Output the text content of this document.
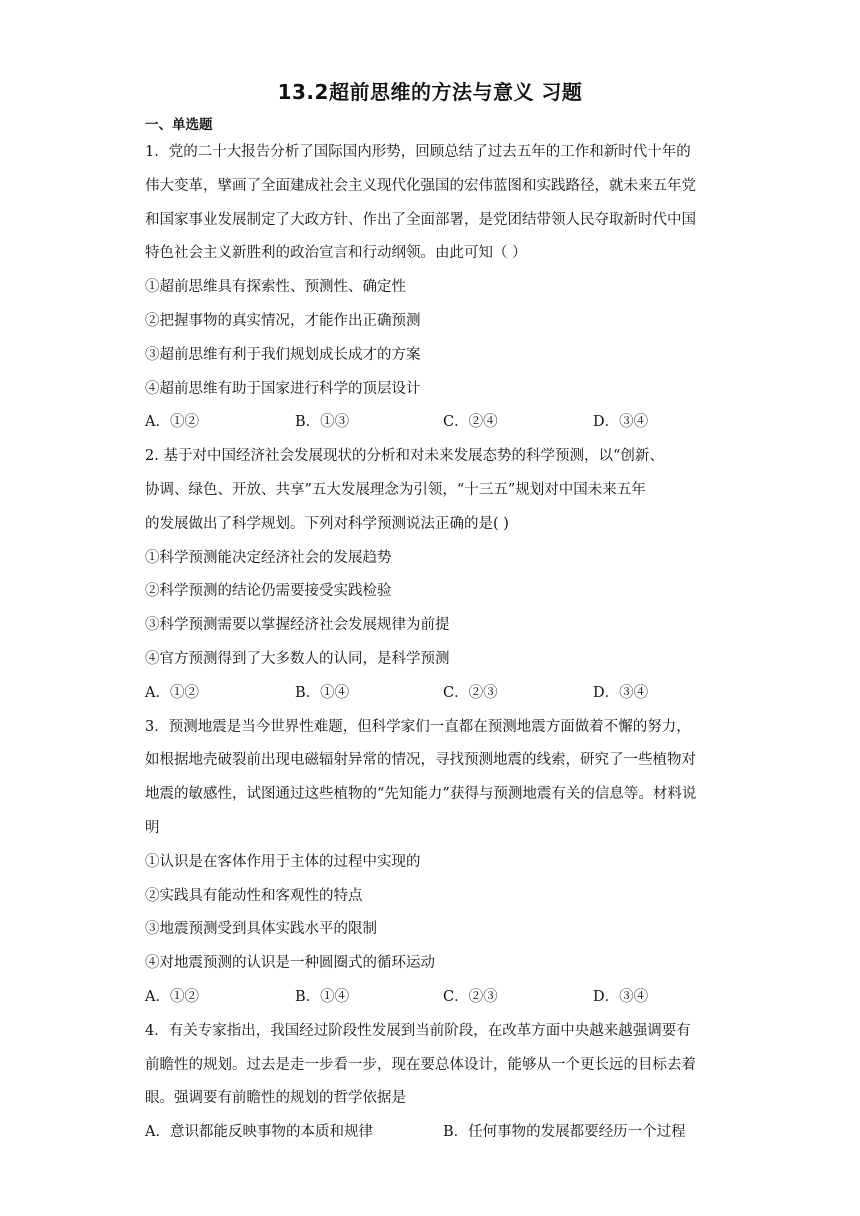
13.2超前思维的方法与意义 习题
一、单选题
1．党的二十大报告分析了国际国内形势，回顾总结了过去五年的工作和新时代十年的
伟大变革，擘画了全面建成社会主义现代化强国的宏伟蓝图和实践路径，就未来五年党
和国家事业发展制定了大政方针、作出了全面部署，是党团结带领人民夺取新时代中国
特色社会主义新胜利的政治宣言和行动纲领。由此可知（ ）
①超前思维具有探索性、预测性、确定性
②把握事物的真实情况，才能作出正确预测
③超前思维有利于我们规划成长成才的方案
④超前思维有助于国家进行科学的顶层设计
A．①②	B．①③	C．②④	D．③④
2. 基于对中国经济社会发展现状的分析和对未来发展态势的科学预测，以“创新、
协调、绿色、开放、共享”五大发展理念为引领，“十三五”规划对中国未来五年
的发展做出了科学规划。下列对科学预测说法正确的是( )
①科学预测能决定经济社会的发展趋势
②科学预测的结论仍需要接受实践检验
③科学预测需要以掌握经济社会发展规律为前提
④官方预测得到了大多数人的认同，是科学预测
A．①②	B．①④	C．②③	D．③④
3．预测地震是当今世界性难题，但科学家们一直都在预测地震方面做着不懈的努力，
如根据地壳破裂前出现电磁辐射异常的情况，寻找预测地震的线索，研究了一些植物对
地震的敏感性，试图通过这些植物的“先知能力”获得与预测地震有关的信息等。材料说
明
①认识是在客体作用于主体的过程中实现的
②实践具有能动性和客观性的特点
③地震预测受到具体实践水平的限制
④对地震预测的认识是一种圆圈式的循环运动
A．①②	B．①④	C．②③	D．③④
4．有关专家指出，我国经过阶段性发展到当前阶段，在改革方面中央越来越强调要有
前瞻性的规划。过去是走一步看一步，现在要总体设计，能够从一个更长远的目标去着
眼。强调要有前瞻性的规划的哲学依据是
A．意识都能反映事物的本质和规律	B．任何事物的发展都要经历一个过程
